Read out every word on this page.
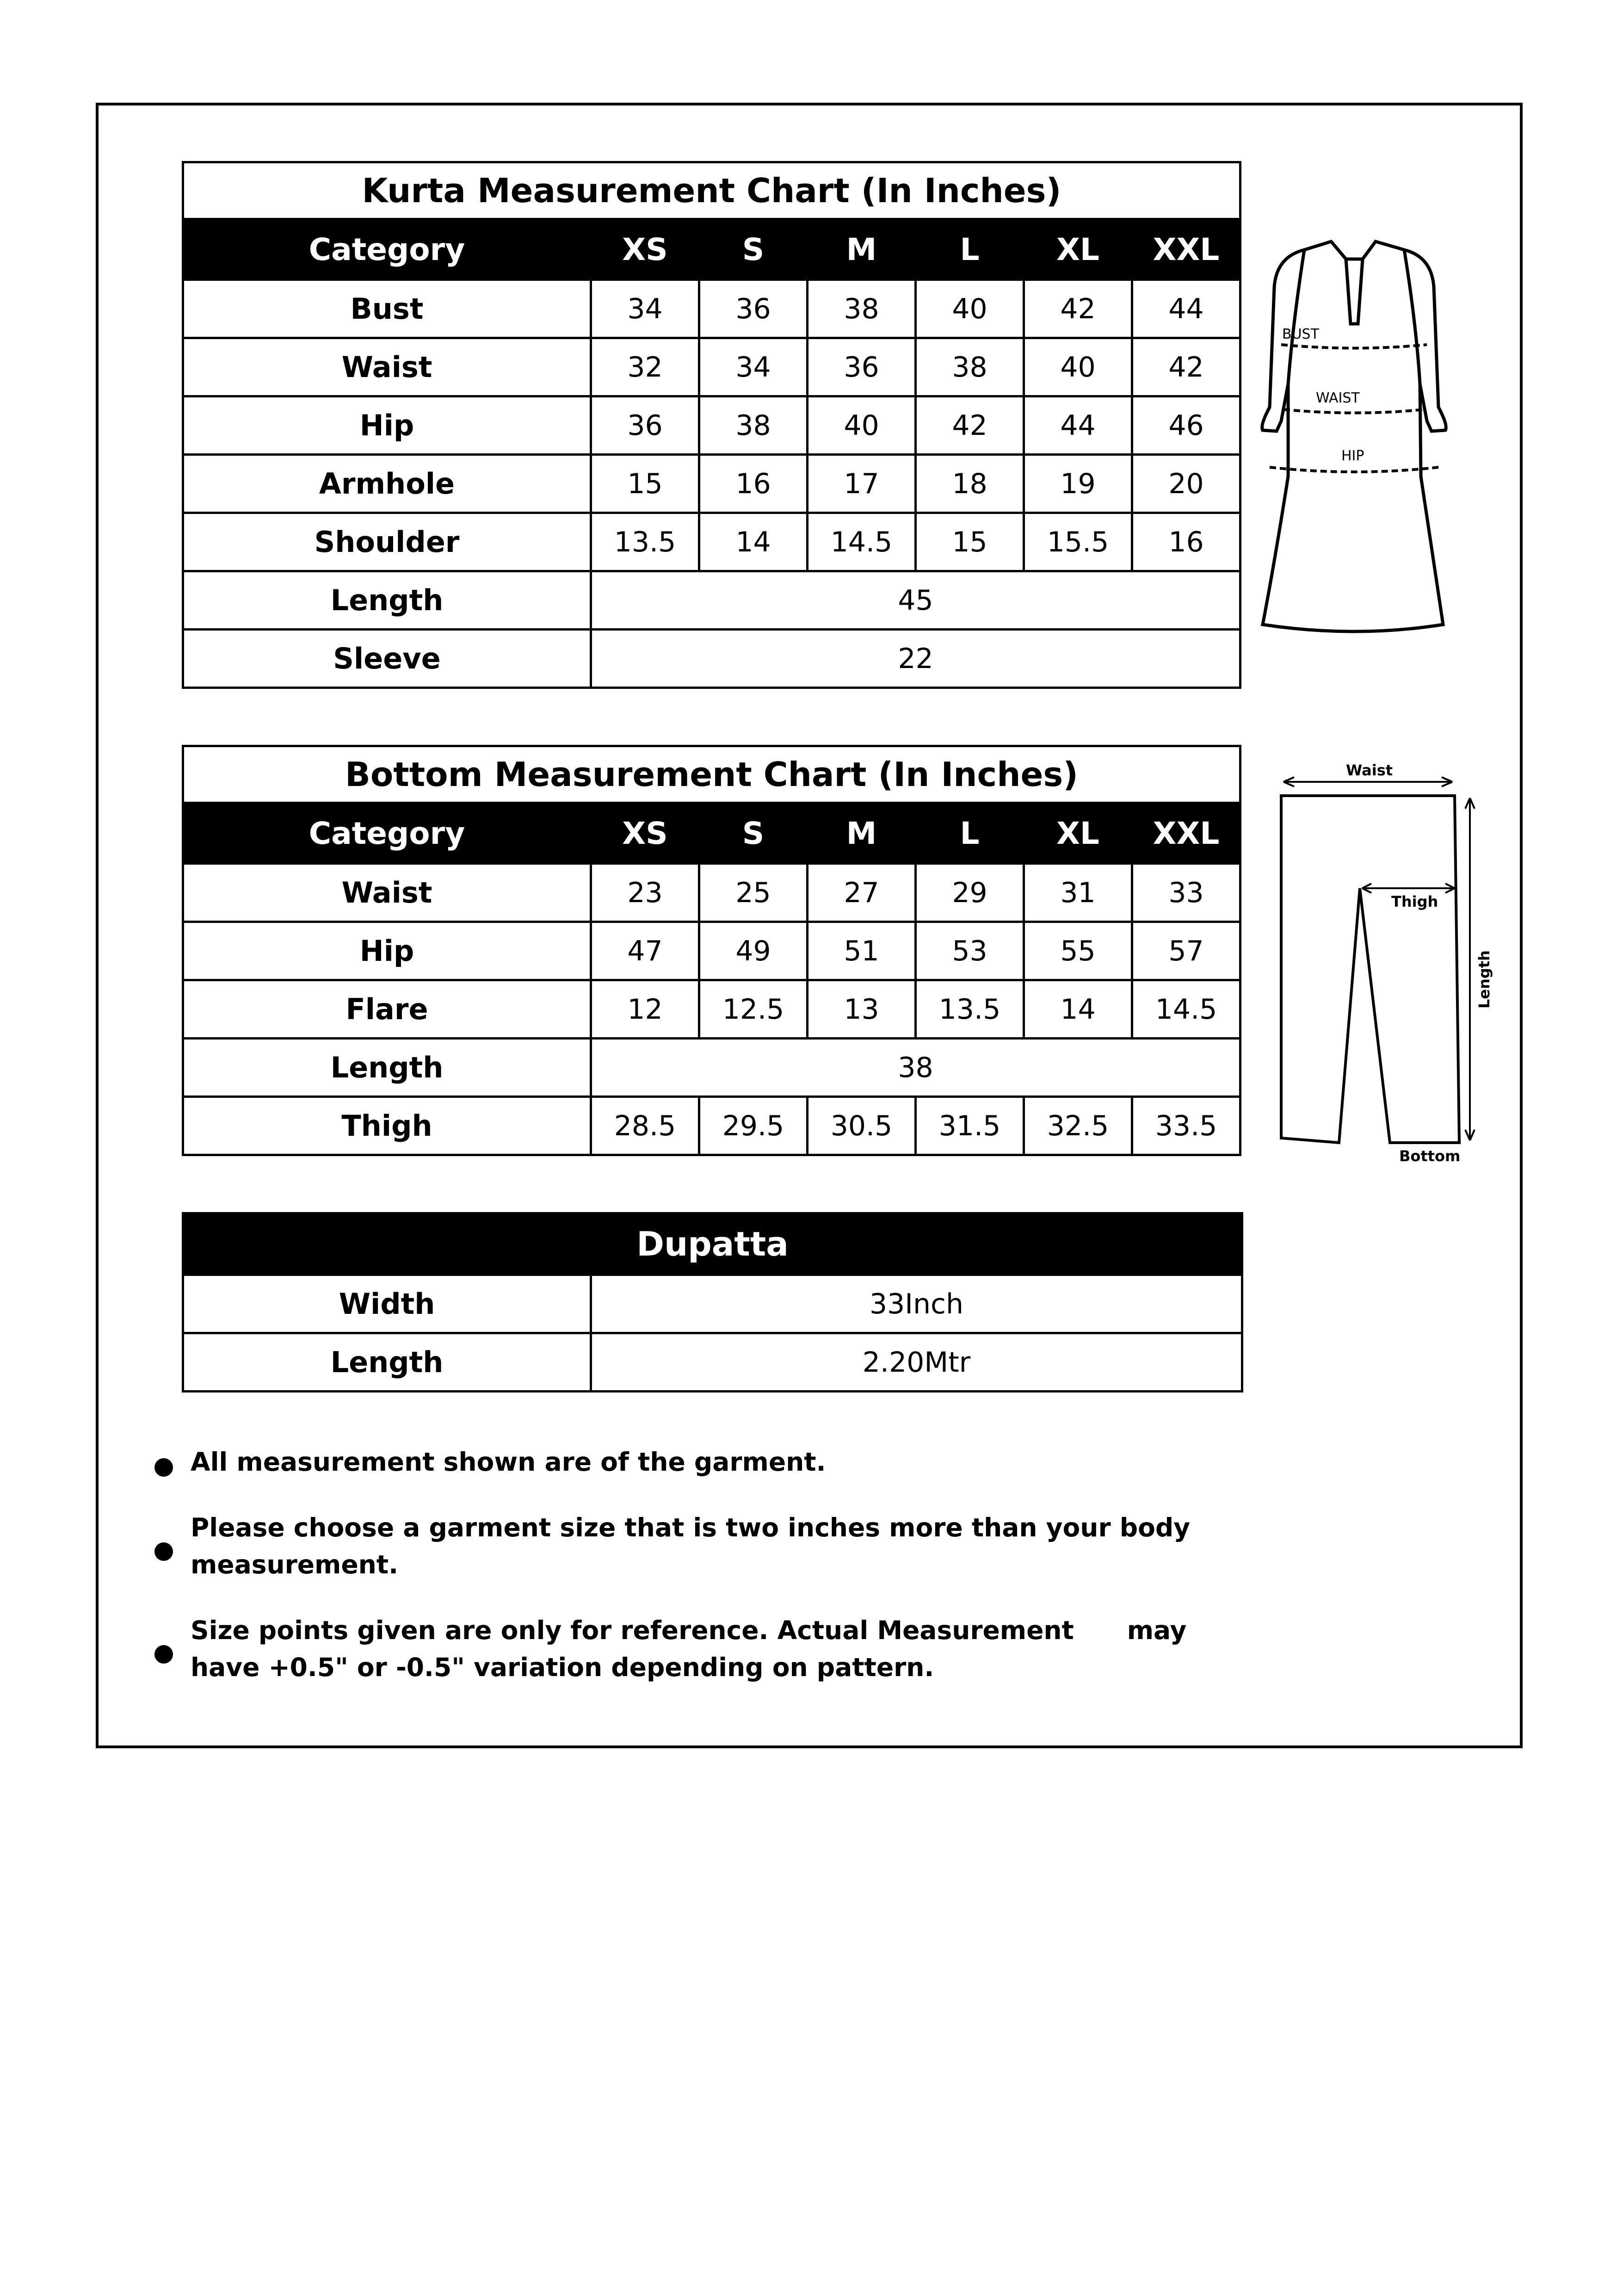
Kurta Measurement Chart (In Inches)						
Category	XS	S	M	L	XL	XXL
Bust	34	36	38	40	42	44
Waist	32	34	36	38	40	42
Hip	36	38	40	42	44	46
Armhole	15	16	17	18	19	20
Shoulder	13.5	14	14.5	15	15.5	16
Length	45					
Sleeve	22					
BUST
WAIST
HIP
Bottom Measurement Chart (In Inches)						
Category	XS	S	M	L	XL	XXL
Waist	23	25	27	29	31	33
Hip	47	49	51	53	55	57
Flare	12	12.5	13	13.5	14	14.5
Length	38					
Thigh	28.5	29.5	30.5	31.5	32.5	33.5
Waist
Thigh
Length
Bottom
Dupatta	
Width	33Inch
Length	2.20Mtr
All measurement shown are of the garment.
Please choose a garment size that is two inches more than your body measurement.
Size points given are only for reference. Actual Measurement      may have +0.5" or -0.5" variation depending on pattern.
